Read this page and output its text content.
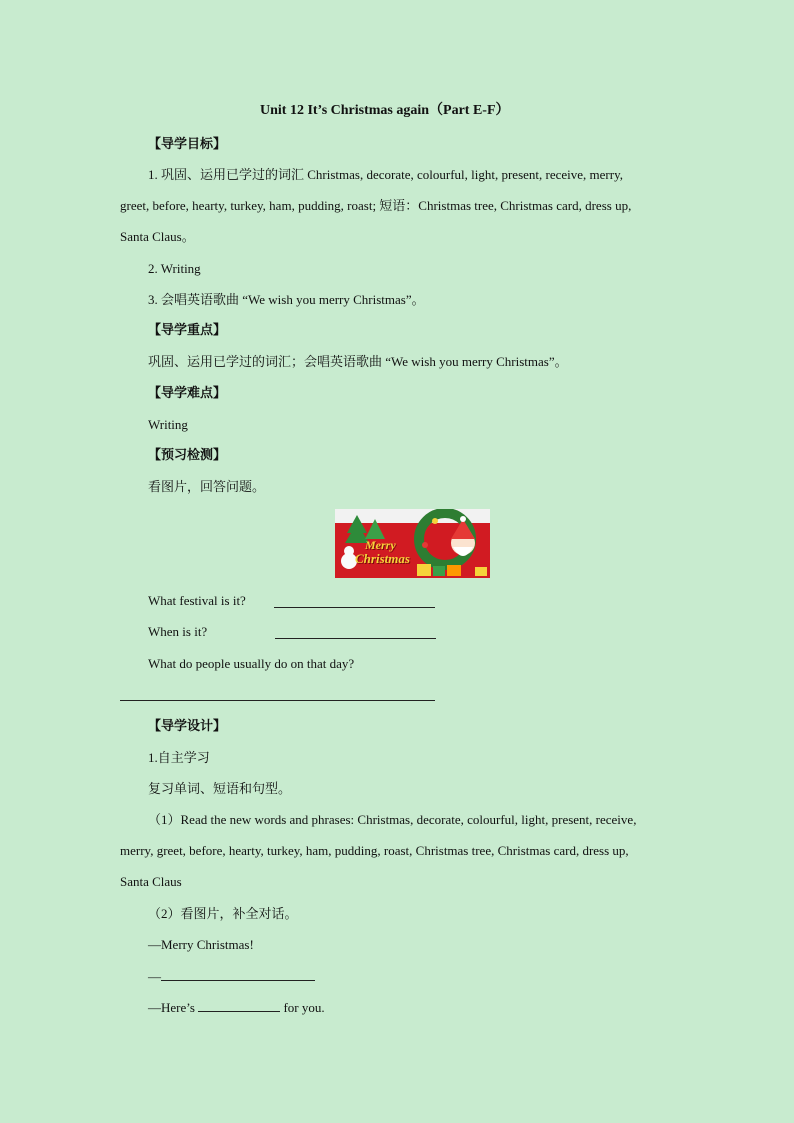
Unit 12 It’s Christmas again（Part E-F）
【导学目标】
1. 巩固、运用已学过的词汇 Christmas, decorate, colourful, light, present, receive, merry,
greet, before, hearty, turkey, ham, pudding, roast; 短语：Christmas tree, Christmas card, dress up,
Santa Claus。
2. Writing
3. 会唱英语歌曲 “We wish you merry Christmas”。
【导学重点】
巩固、运用已学过的词汇；会唱英语歌曲 “We wish you merry Christmas”。
【导学难点】
Writing
【预习检测】
看图片，回答问题。
Merry
Christmas
What festival is it?
When is it?
What do people usually do on that day?
【导学设计】
1.自主学习
复习单词、短语和句型。
（1）Read the new words and phrases: Christmas, decorate, colourful, light, present, receive,
merry, greet, before, hearty, turkey, ham, pudding, roast, Christmas tree, Christmas card, dress up,
Santa Claus
（2）看图片，补全对话。
—Merry Christmas!
—
—Here’s	for you.
